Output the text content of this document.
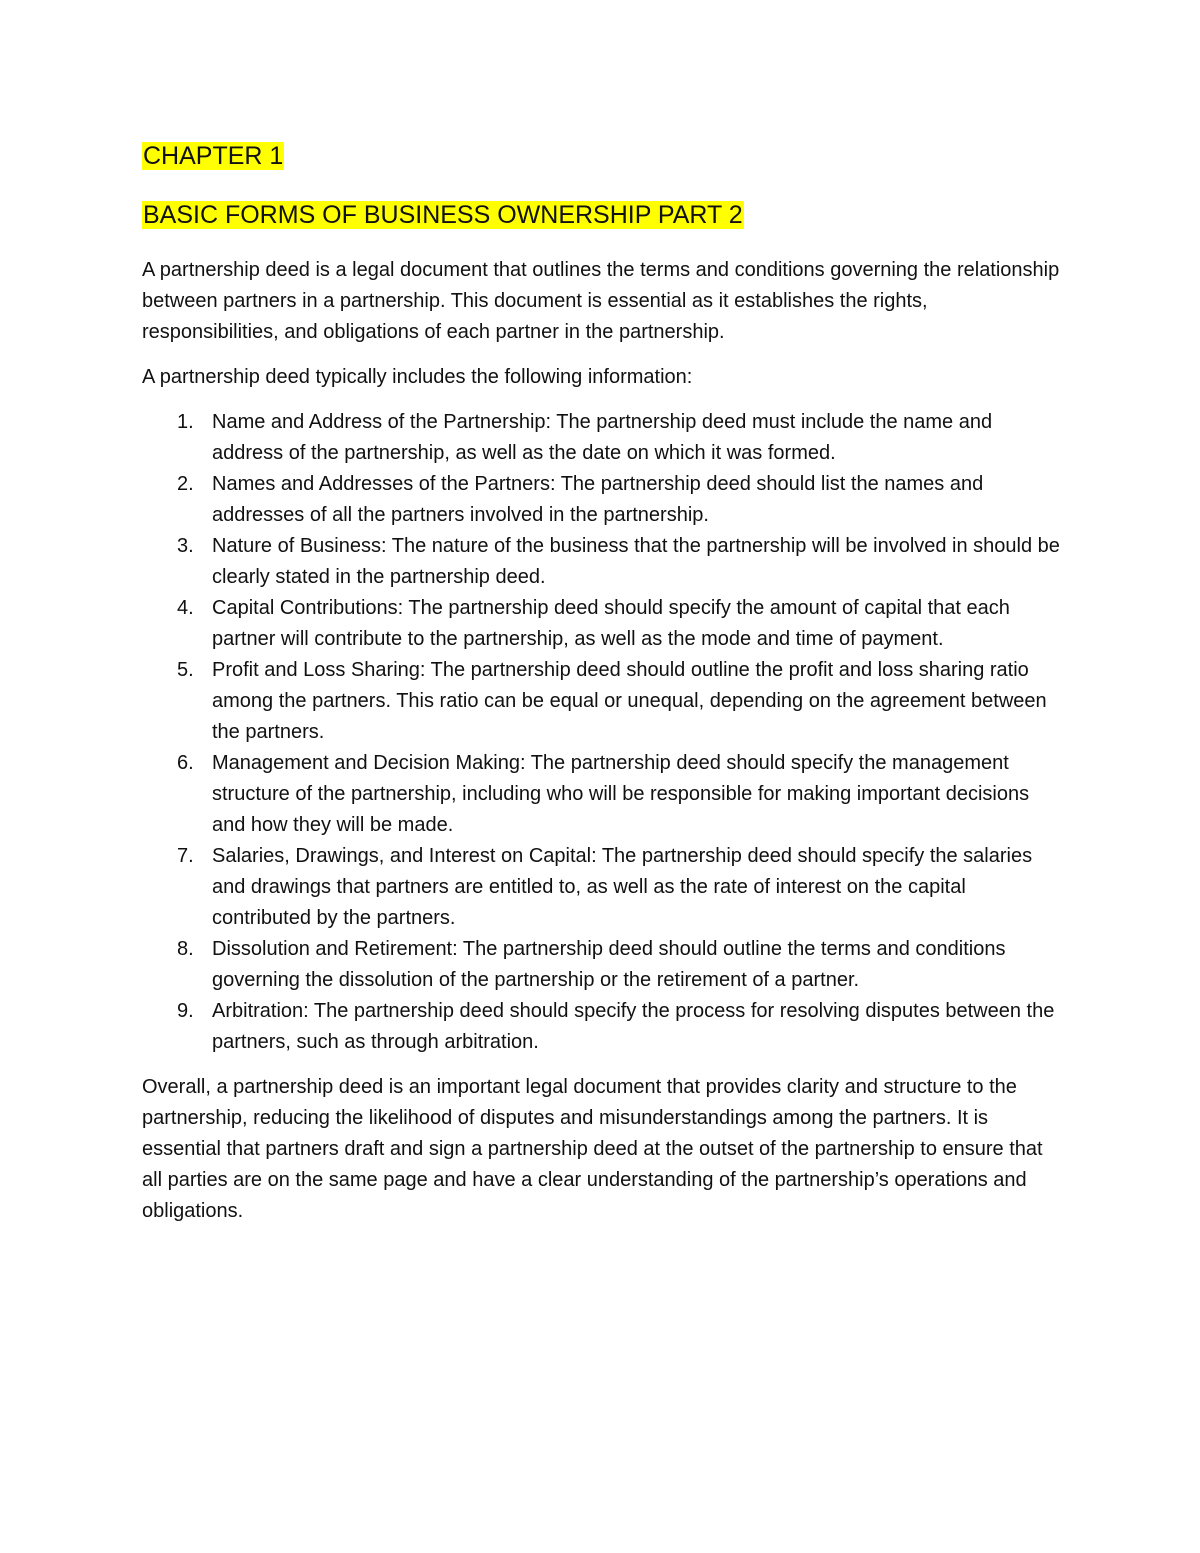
CHAPTER 1
BASIC FORMS OF BUSINESS OWNERSHIP PART 2

A partnership deed is a legal document that outlines the terms and conditions governing the relationship between partners in a partnership. This document is essential as it establishes the rights, responsibilities, and obligations of each partner in the partnership.

A partnership deed typically includes the following information:

1. Name and Address of the Partnership: The partnership deed must include the name and address of the partnership, as well as the date on which it was formed.
2. Names and Addresses of the Partners: The partnership deed should list the names and addresses of all the partners involved in the partnership.
3. Nature of Business: The nature of the business that the partnership will be involved in should be clearly stated in the partnership deed.
4. Capital Contributions: The partnership deed should specify the amount of capital that each partner will contribute to the partnership, as well as the mode and time of payment.
5. Profit and Loss Sharing: The partnership deed should outline the profit and loss sharing ratio among the partners. This ratio can be equal or unequal, depending on the agreement between the partners.
6. Management and Decision Making: The partnership deed should specify the management structure of the partnership, including who will be responsible for making important decisions and how they will be made.
7. Salaries, Drawings, and Interest on Capital: The partnership deed should specify the salaries and drawings that partners are entitled to, as well as the rate of interest on the capital contributed by the partners.
8. Dissolution and Retirement: The partnership deed should outline the terms and conditions governing the dissolution of the partnership or the retirement of a partner.
9. Arbitration: The partnership deed should specify the process for resolving disputes between the partners, such as through arbitration.

Overall, a partnership deed is an important legal document that provides clarity and structure to the partnership, reducing the likelihood of disputes and misunderstandings among the partners. It is essential that partners draft and sign a partnership deed at the outset of the partnership to ensure that all parties are on the same page and have a clear understanding of the partnership’s operations and obligations.
